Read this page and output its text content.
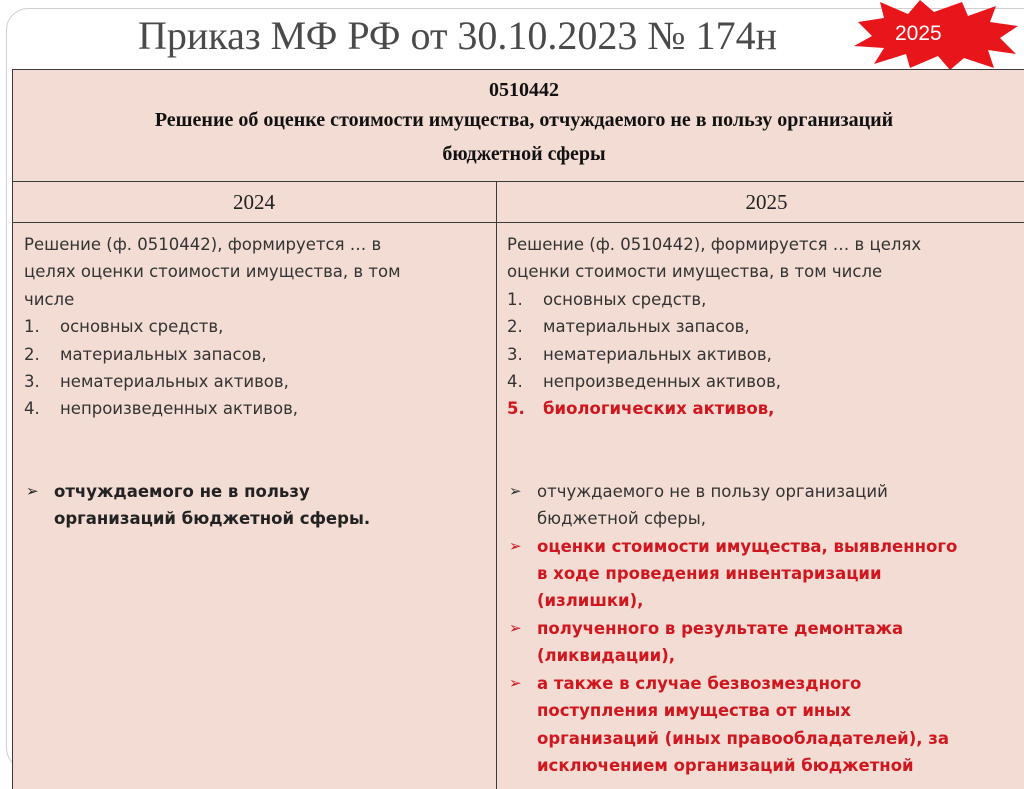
Приказ МФ РФ от 30.10.2023 № 174н	2025
0510442
Решение об оценке стоимости имущества, отчуждаемого не в пользу организаций
бюджетной сферы
2024	2025

Решение (ф. 0510442), формируется … в

целях оценки стоимости имущества, в том

числе

1. основных средств,
2. материальных запасов,
3. нематериальных активов,
4. непроизведенных активов,
➢ отчуждаемого не в пользу
организаций бюджетной сферы.

Решение (ф. 0510442), формируется … в целях

оценки стоимости имущества, в том числе

1. основных средств,
2. материальных запасов,
3. нематериальных активов,
4. непроизведенных активов,
5. биологических активов,
➢ отчуждаемого не в пользу организаций
бюджетной сферы,
➢ оценки стоимости имущества, выявленного
в ходе проведения инвентаризации
(излишки),
➢ полученного в результате демонтажа
(ликвидации),
➢ а также в случае безвозмездного
поступления имущества от иных
организаций (иных правообладателей), за
исключением организаций бюджетной
